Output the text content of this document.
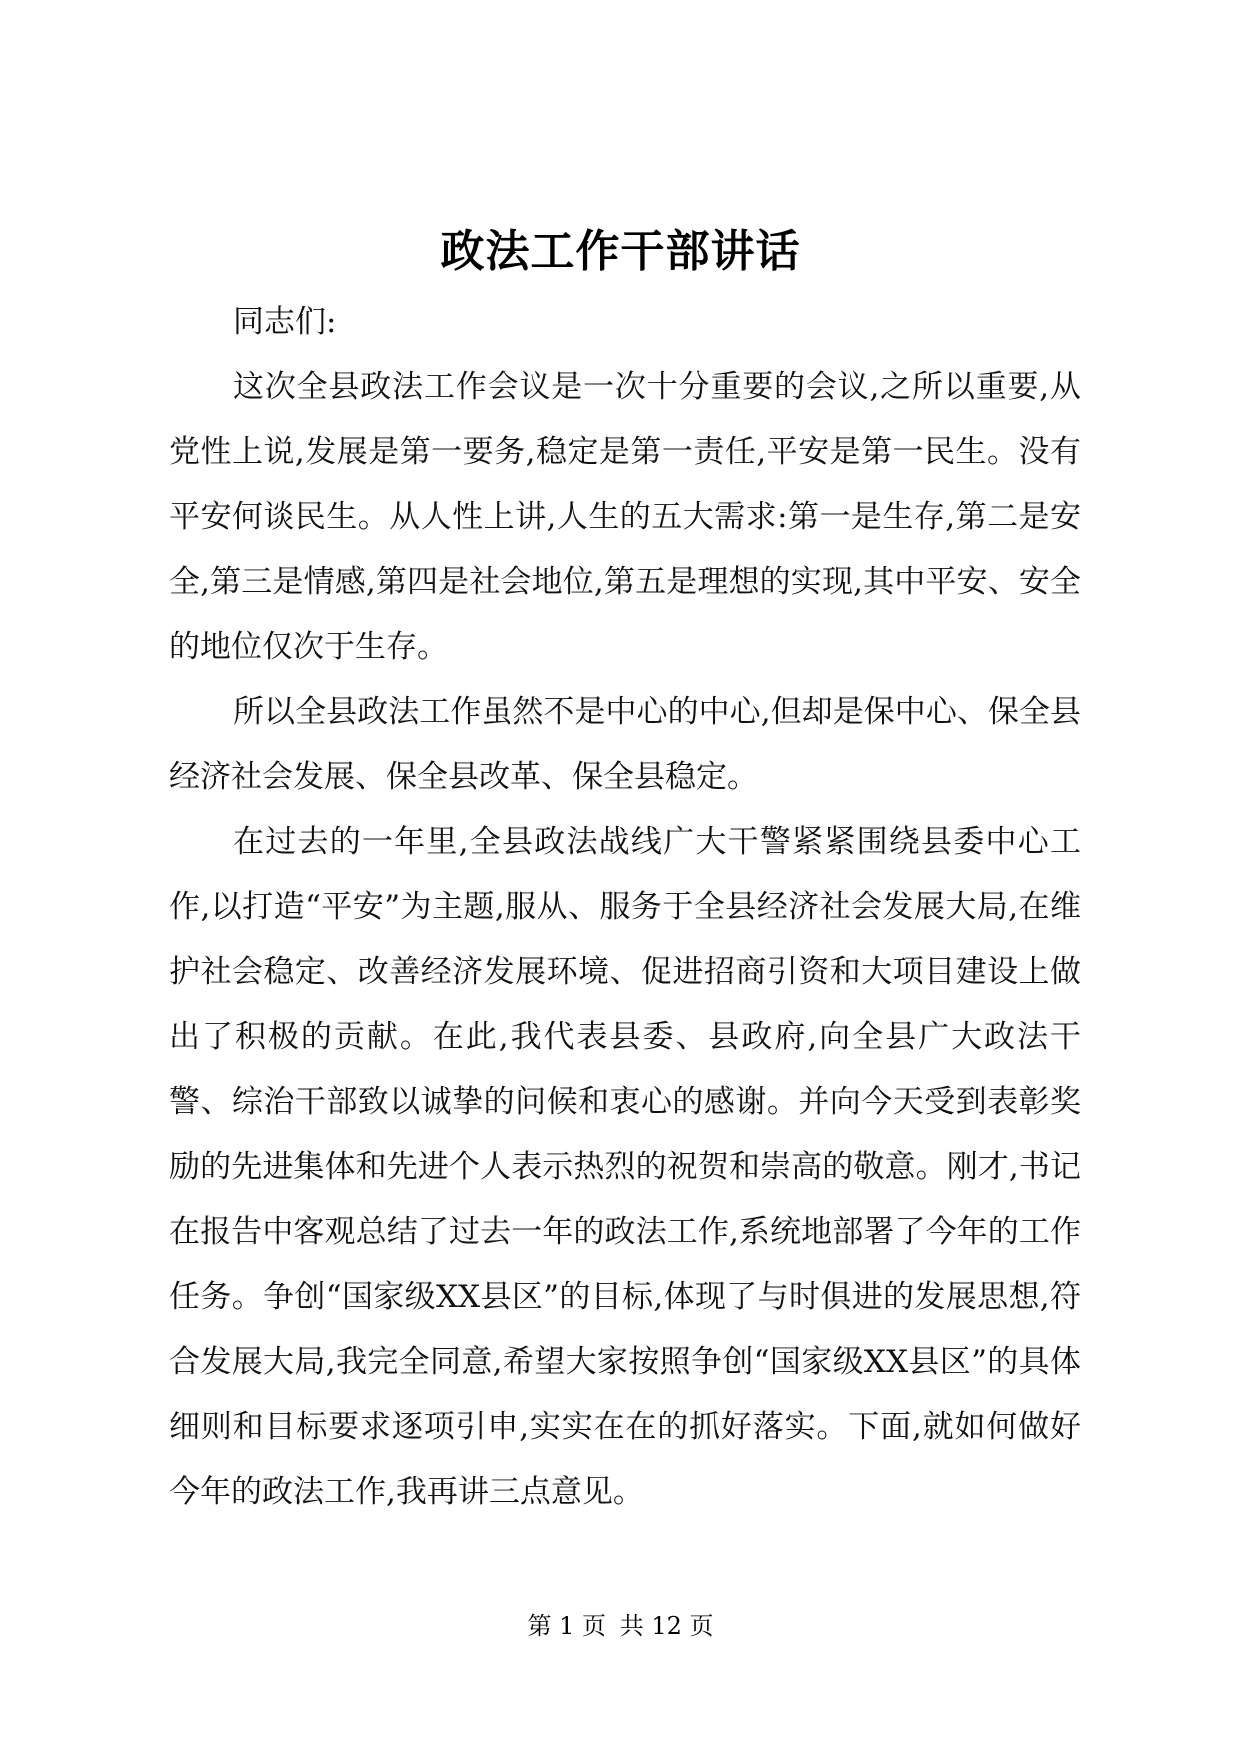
政法工作干部讲话

同志们:

这次全县政法工作会议是一次十分重要的会议,之所以重要,从党性上说,发展是第一要务,稳定是第一责任,平安是第一民生。没有平安何谈民生。从人性上讲,人生的五大需求:第一是生存,第二是安全,第三是情感,第四是社会地位,第五是理想的实现,其中平安、安全的地位仅次于生存。

所以全县政法工作虽然不是中心的中心,但却是保中心、保全县经济社会发展、保全县改革、保全县稳定。

在过去的一年里,全县政法战线广大干警紧紧围绕县委中心工作,以打造“平安”为主题,服从、服务于全县经济社会发展大局,在维护社会稳定、改善经济发展环境、促进招商引资和大项目建设上做出了积极的贡献。在此,我代表县委、县政府,向全县广大政法干警、综治干部致以诚挚的问候和衷心的感谢。并向今天受到表彰奖励的先进集体和先进个人表示热烈的祝贺和崇高的敬意。刚才,书记在报告中客观总结了过去一年的政法工作,系统地部署了今年的工作任务。争创“国家级XX县区”的目标,体现了与时俱进的发展思想,符合发展大局,我完全同意,希望大家按照争创“国家级XX县区”的具体细则和目标要求逐项引申,实实在在的抓好落实。下面,就如何做好今年的政法工作,我再讲三点意见。

第 1 页 共 12 页
